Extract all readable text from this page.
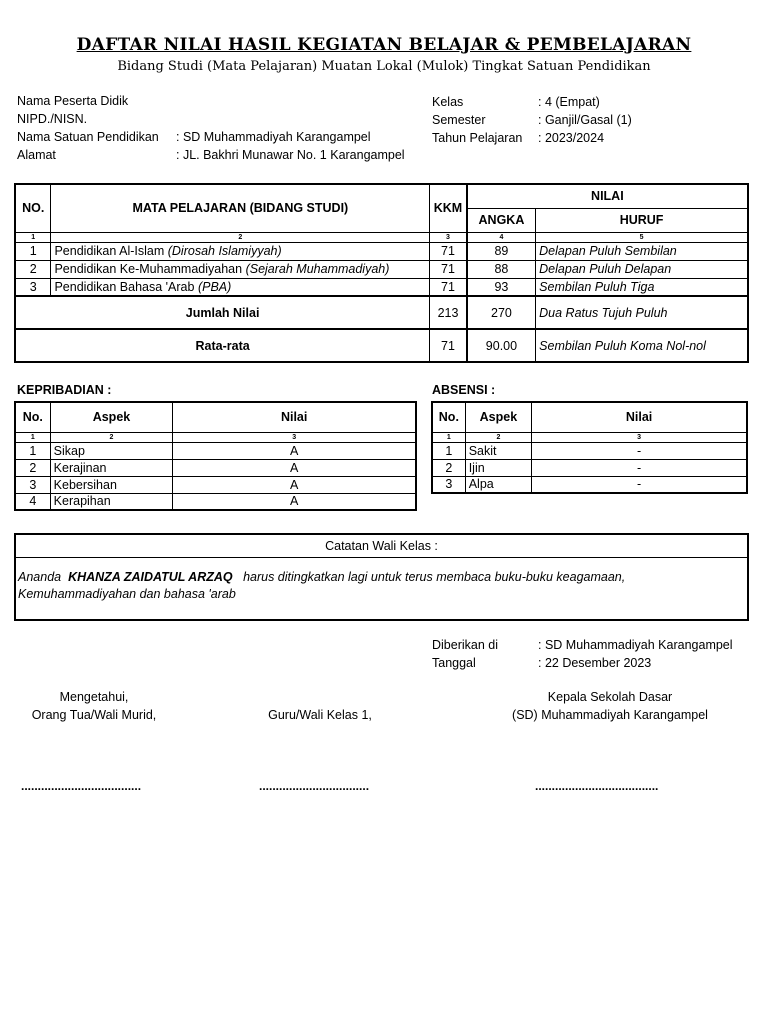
DAFTAR NILAI HASIL KEGIATAN BELAJAR & PEMBELAJARAN
Bidang Studi (Mata Pelajaran) Muatan Lokal (Mulok) Tingkat Satuan Pendidikan
Nama Peserta Didik
NIPD./NISN.
Nama Satuan Pendidikan : SD Muhammadiyah Karangampel
Alamat	: JL. Bakhri Munawar No. 1 Karangampel
Kelas	: 4 (Empat)
Semester	: Ganjil/Gasal (1)
Tahun Pelajaran : 2023/2024
NO.	MATA PELAJARAN (BIDANG STUDI)	KKM	NILAI	
			ANGKA	HURUF
1	2	3	4	5
1	Pendidikan Al-Islam (Dirosah Islamiyyah)	71	89	Delapan Puluh Sembilan
2	Pendidikan Ke-Muhammadiyahan (Sejarah Muhammadiyah)	71	88	Delapan Puluh Delapan
3	Pendidikan Bahasa 'Arab (PBA)	71	93	Sembilan Puluh Tiga
Jumlah Nilai		213	270	Dua Ratus Tujuh Puluh
Rata-rata		71	90.00	Sembilan Puluh Koma Nol-nol
KEPRIBADIAN :
No.	Aspek	Nilai
1	2	3
1	Sikap	A
2	Kerajinan	A
3	Kebersihan	A
4	Kerapihan	A
ABSENSI :
No.	Aspek	Nilai
1	2	3
1	Sakit	-
2	Ijin	-
3	Alpa	-
Catatan Wali Kelas :
Ananda KHANZA ZAIDATUL ARZAQ harus ditingkatkan lagi untuk terus membaca buku-buku keagamaan,
Kemuhammadiyahan dan bahasa 'arab
Diberikan di	: SD Muhammadiyah Karangampel
Tanggal	: 22 Desember 2023
Mengetahui,
Orang Tua/Wali Murid,	Guru/Wali Kelas 1,
Kepala Sekolah Dasar
(SD) Muhammadiyah Karangampel
....................................	.................................	.....................................
